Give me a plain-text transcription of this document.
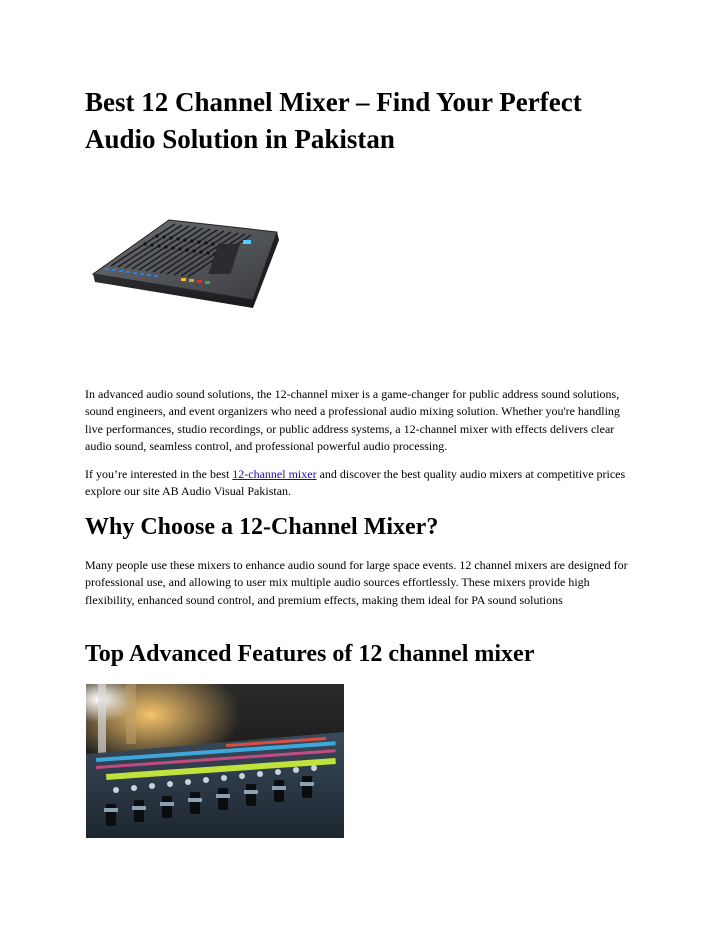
Best 12 Channel Mixer – Find Your Perfect Audio Solution in Pakistan

In advanced audio sound solutions, the 12-channel mixer is a game-changer for public address sound solutions, sound engineers, and event organizers who need a professional audio mixing solution. Whether you're handling live performances, studio recordings, or public address systems, a 12-channel mixer with effects delivers clear audio sound, seamless control, and professional powerful audio processing.

If you’re interested in the best 12-channel mixer and discover the best quality audio mixers at competitive prices explore our site AB Audio Visual Pakistan.

Why Choose a 12-Channel Mixer?

Many people use these mixers to enhance audio sound for large space events. 12 channel mixers are designed for professional use, and allowing to user mix multiple audio sources effortlessly. These mixers provide high flexibility, enhanced sound control, and premium effects, making them ideal for PA sound solutions

Top Advanced Features of 12 channel mixer
